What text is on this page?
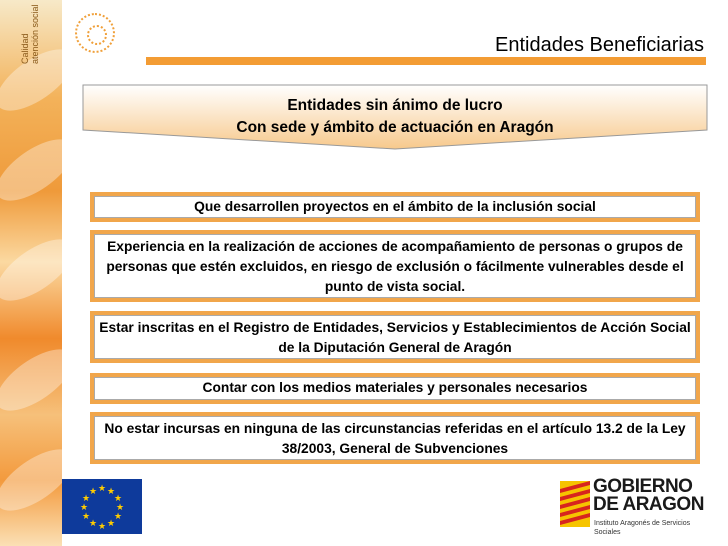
Calidad atención social	Entidades Beneficiarias
Entidades sin ánimo de lucro
Con sede y ámbito de actuación en Aragón
Que desarrollen proyectos en el ámbito de la inclusión social
Experiencia en la realización de acciones de acompañamiento de personas o grupos de personas que estén excluidos, en riesgo de exclusión o fácilmente vulnerables desde el punto de vista social.
Estar inscritas en el Registro de Entidades, Servicios y Establecimientos de Acción Social de la Diputación General de Aragón
Contar con los medios materiales y personales necesarios
No estar incursas en ninguna de las circunstancias referidas en el artículo 13.2 de la Ley 38/2003, General de Subvenciones
★ ★
★
★
★
★
★
★
★
★
★
★	GOBIERNO
DE ARAGON
Instituto Aragonés de Servicios
Sociales
